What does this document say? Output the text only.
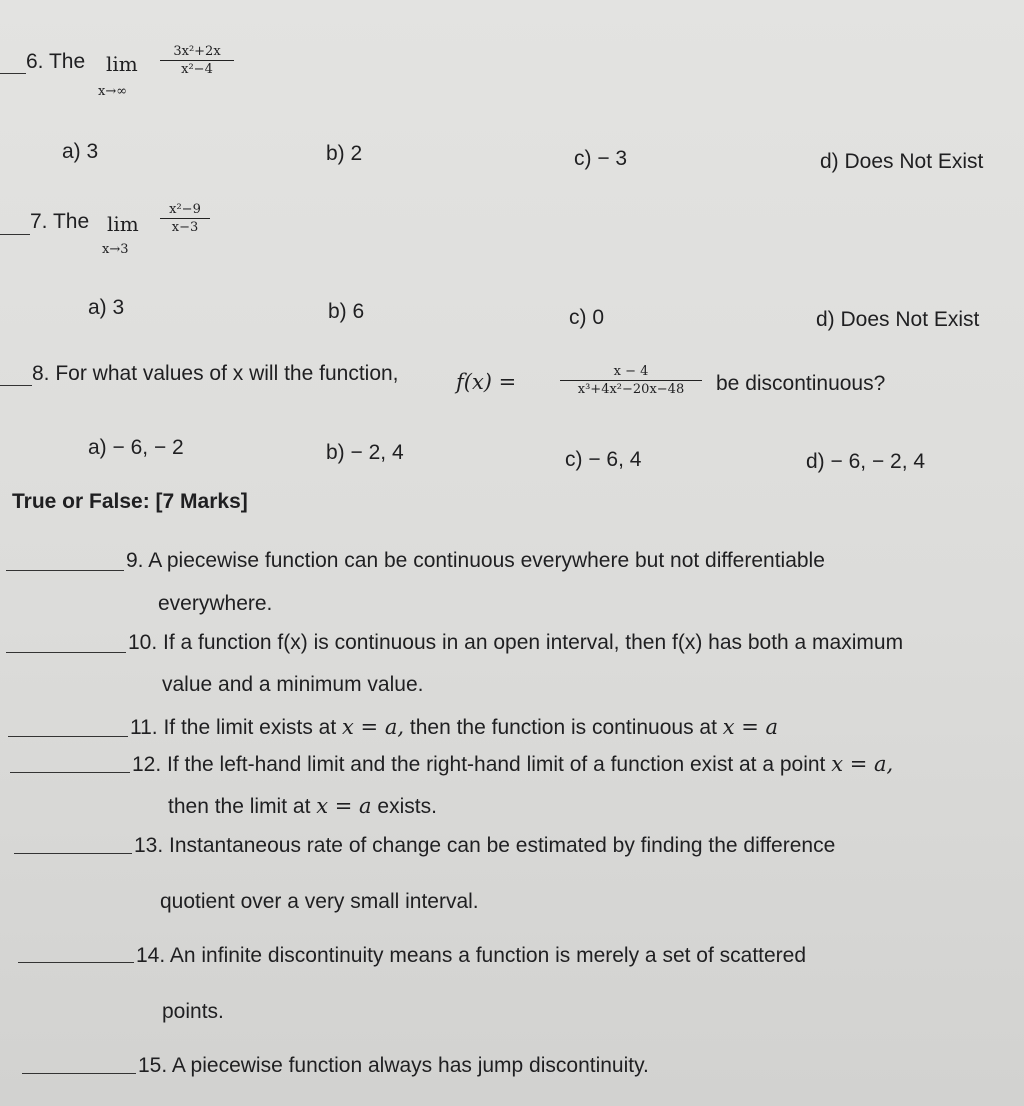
6. The lim
x→∞
3x²+2x
x²−4
a) 3	b) 2	c) − 3	d) Does Not Exist
7. The lim
x→3
x²−9
x−3
a) 3	b) 6	c) 0	d) Does Not Exist
8. For what values of x will the function,	f(x) =	x − 4
x³+4x²−20x−48	be discontinuous?
a) − 6, − 2	b) − 2, 4	c) − 6, 4	d) − 6, − 2, 4
True or False: [7 Marks]
9. A piecewise function can be continuous everywhere but not differentiable
everywhere.
10. If a function f(x) is continuous in an open interval, then f(x) has both a maximum
value and a minimum value.
11. If the limit exists at x = a, then the function is continuous at x = a
12. If the left-hand limit and the right-hand limit of a function exist at a point x = a,
then the limit at x = a exists.
13. Instantaneous rate of change can be estimated by finding the difference
quotient over a very small interval.
14. An infinite discontinuity means a function is merely a set of scattered
points.
15. A piecewise function always has jump discontinuity.
